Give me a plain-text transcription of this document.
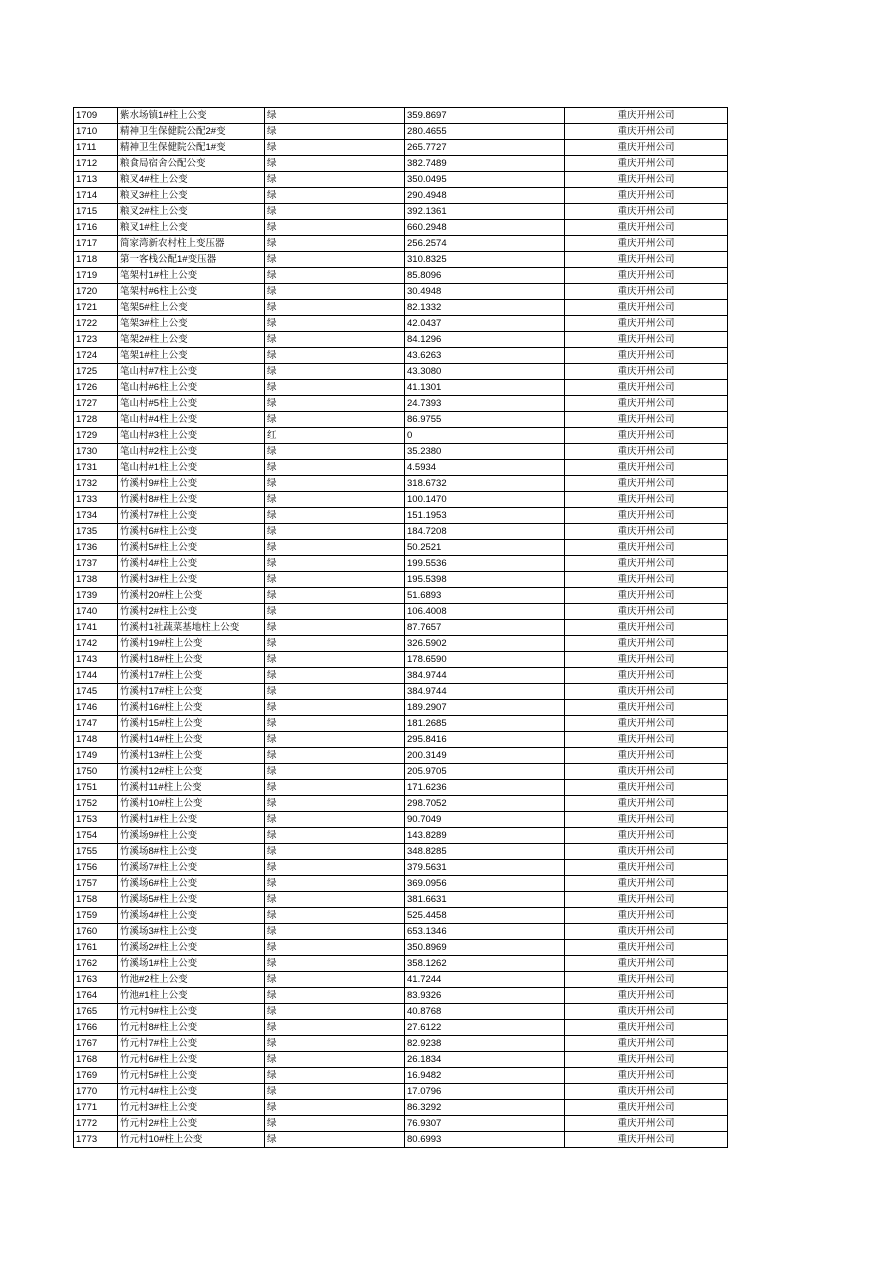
1709	紫水场镇1#柱上公变	绿	359.8697	重庆开州公司
1710	精神卫生保健院公配2#变	绿	280.4655	重庆开州公司
1711	精神卫生保健院公配1#变	绿	265.7727	重庆开州公司
1712	粮食局宿舍公配公变	绿	382.7489	重庆开州公司
1713	粮叉4#柱上公变	绿	350.0495	重庆开州公司
1714	粮叉3#柱上公变	绿	290.4948	重庆开州公司
1715	粮叉2#柱上公变	绿	392.1361	重庆开州公司
1716	粮叉1#柱上公变	绿	660.2948	重庆开州公司
1717	简家湾新农村柱上变压器	绿	256.2574	重庆开州公司
1718	第一客栈公配1#变压器	绿	310.8325	重庆开州公司
1719	笔架村1#柱上公变	绿	85.8096	重庆开州公司
1720	笔架村#6柱上公变	绿	30.4948	重庆开州公司
1721	笔架5#柱上公变	绿	82.1332	重庆开州公司
1722	笔架3#柱上公变	绿	42.0437	重庆开州公司
1723	笔架2#柱上公变	绿	84.1296	重庆开州公司
1724	笔架1#柱上公变	绿	43.6263	重庆开州公司
1725	笔山村#7柱上公变	绿	43.3080	重庆开州公司
1726	笔山村#6柱上公变	绿	41.1301	重庆开州公司
1727	笔山村#5柱上公变	绿	24.7393	重庆开州公司
1728	笔山村#4柱上公变	绿	86.9755	重庆开州公司
1729	笔山村#3柱上公变	红	0	重庆开州公司
1730	笔山村#2柱上公变	绿	35.2380	重庆开州公司
1731	笔山村#1柱上公变	绿	4.5934	重庆开州公司
1732	竹溪村9#柱上公变	绿	318.6732	重庆开州公司
1733	竹溪村8#柱上公变	绿	100.1470	重庆开州公司
1734	竹溪村7#柱上公变	绿	151.1953	重庆开州公司
1735	竹溪村6#柱上公变	绿	184.7208	重庆开州公司
1736	竹溪村5#柱上公变	绿	50.2521	重庆开州公司
1737	竹溪村4#柱上公变	绿	199.5536	重庆开州公司
1738	竹溪村3#柱上公变	绿	195.5398	重庆开州公司
1739	竹溪村20#柱上公变	绿	51.6893	重庆开州公司
1740	竹溪村2#柱上公变	绿	106.4008	重庆开州公司
1741	竹溪村1社蔬菜基地柱上公变	绿	87.7657	重庆开州公司
1742	竹溪村19#柱上公变	绿	326.5902	重庆开州公司
1743	竹溪村18#柱上公变	绿	178.6590	重庆开州公司
1744	竹溪村17#柱上公变	绿	384.9744	重庆开州公司
1745	竹溪村17#柱上公变	绿	384.9744	重庆开州公司
1746	竹溪村16#柱上公变	绿	189.2907	重庆开州公司
1747	竹溪村15#柱上公变	绿	181.2685	重庆开州公司
1748	竹溪村14#柱上公变	绿	295.8416	重庆开州公司
1749	竹溪村13#柱上公变	绿	200.3149	重庆开州公司
1750	竹溪村12#柱上公变	绿	205.9705	重庆开州公司
1751	竹溪村11#柱上公变	绿	171.6236	重庆开州公司
1752	竹溪村10#柱上公变	绿	298.7052	重庆开州公司
1753	竹溪村1#柱上公变	绿	90.7049	重庆开州公司
1754	竹溪场9#柱上公变	绿	143.8289	重庆开州公司
1755	竹溪场8#柱上公变	绿	348.8285	重庆开州公司
1756	竹溪场7#柱上公变	绿	379.5631	重庆开州公司
1757	竹溪场6#柱上公变	绿	369.0956	重庆开州公司
1758	竹溪场5#柱上公变	绿	381.6631	重庆开州公司
1759	竹溪场4#柱上公变	绿	525.4458	重庆开州公司
1760	竹溪场3#柱上公变	绿	653.1346	重庆开州公司
1761	竹溪场2#柱上公变	绿	350.8969	重庆开州公司
1762	竹溪场1#柱上公变	绿	358.1262	重庆开州公司
1763	竹池#2柱上公变	绿	41.7244	重庆开州公司
1764	竹池#1柱上公变	绿	83.9326	重庆开州公司
1765	竹元村9#柱上公变	绿	40.8768	重庆开州公司
1766	竹元村8#柱上公变	绿	27.6122	重庆开州公司
1767	竹元村7#柱上公变	绿	82.9238	重庆开州公司
1768	竹元村6#柱上公变	绿	26.1834	重庆开州公司
1769	竹元村5#柱上公变	绿	16.9482	重庆开州公司
1770	竹元村4#柱上公变	绿	17.0796	重庆开州公司
1771	竹元村3#柱上公变	绿	86.3292	重庆开州公司
1772	竹元村2#柱上公变	绿	76.9307	重庆开州公司
1773	竹元村10#柱上公变	绿	80.6993	重庆开州公司
